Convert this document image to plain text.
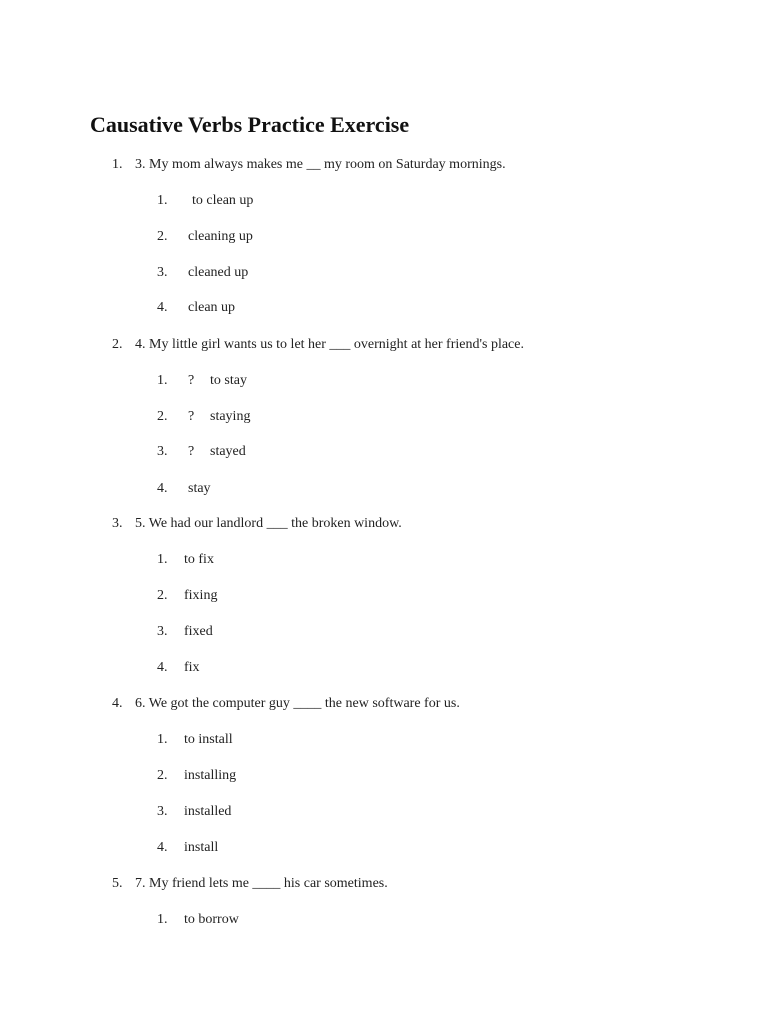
Causative Verbs Practice Exercise
1. 3. My mom always makes me __ my room on Saturday mornings.
1. to clean up
2. cleaning up
3. cleaned up
4. clean up
2. 4. My little girl wants us to let her ___ overnight at her friend's place.
1. ? to stay
2. ? staying
3. ? stayed
4. stay
3. 5. We had our landlord ___ the broken window.
1. to fix
2. fixing
3. fixed
4. fix
4. 6. We got the computer guy ____ the new software for us.
1. to install
2. installing
3. installed
4. install
5. 7. My friend lets me ____ his car sometimes.
1. to borrow
